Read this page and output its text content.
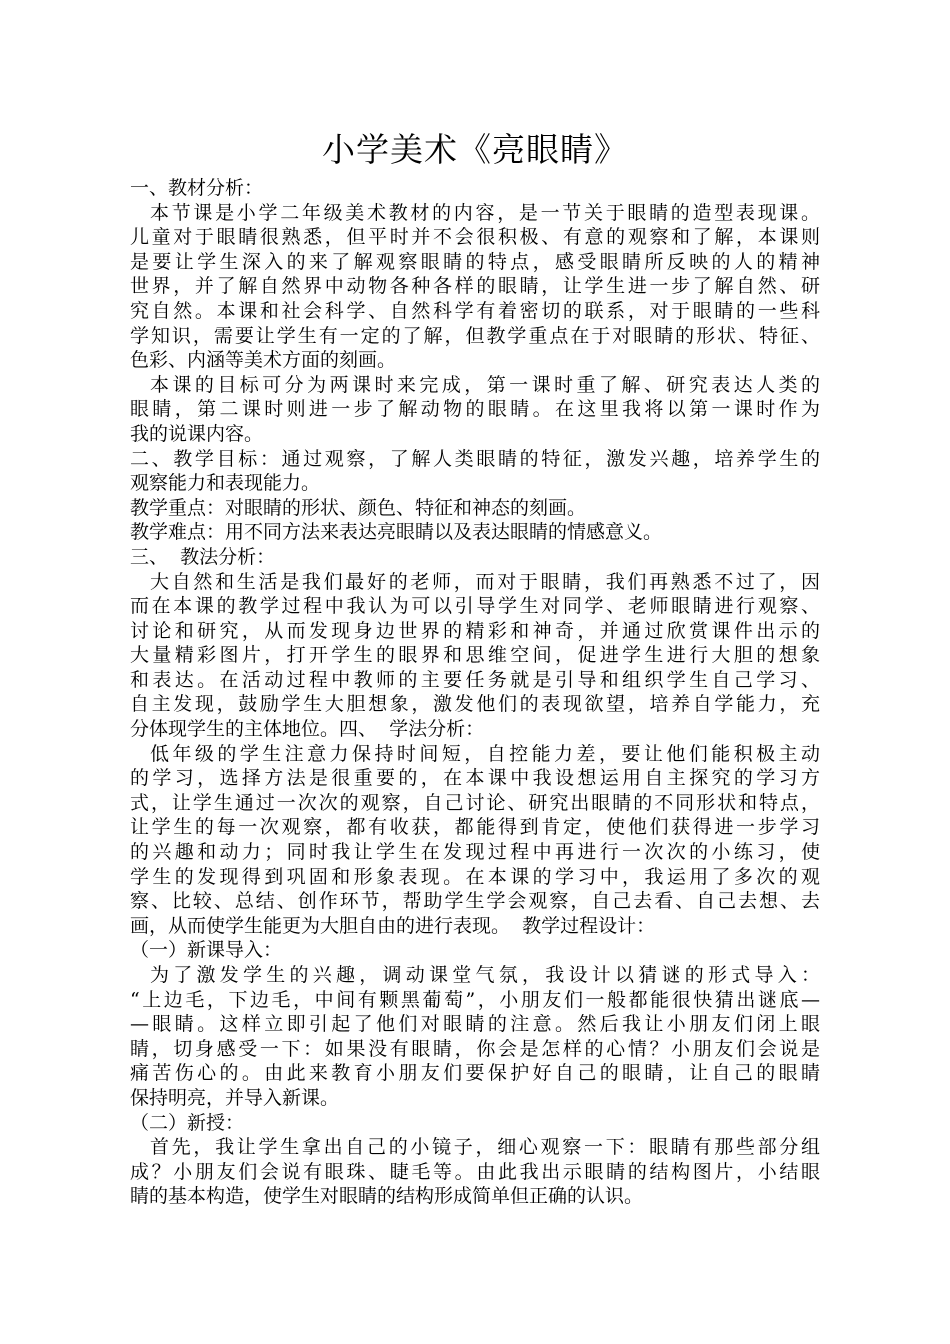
小学美术《亮眼睛》

一、教材分析：

本节课是小学二年级美术教材的内容，是一节关于眼睛的造型表现课。

儿童对于眼睛很熟悉，但平时并不会很积极、有意的观察和了解，本课则

是要让学生深入的来了解观察眼睛的特点，感受眼睛所反映的人的精神

世界，并了解自然界中动物各种各样的眼睛，让学生进一步了解自然、研

究自然。本课和社会科学、自然科学有着密切的联系，对于眼睛的一些科

学知识，需要让学生有一定的了解，但教学重点在于对眼睛的形状、特征、

色彩、内涵等美术方面的刻画。

本课的目标可分为两课时来完成，第一课时重了解、研究表达人类的

眼睛，第二课时则进一步了解动物的眼睛。在这里我将以第一课时作为

我的说课内容。

二、教学目标：通过观察，了解人类眼睛的特征，激发兴趣，培养学生的

观察能力和表现能力。

教学重点：对眼睛的形状、颜色、特征和神态的刻画。

教学难点：用不同方法来表达亮眼睛以及表达眼睛的情感意义。

三、  教法分析：

大自然和生活是我们最好的老师，而对于眼睛，我们再熟悉不过了，因

而在本课的教学过程中我认为可以引导学生对同学、老师眼睛进行观察、

讨论和研究，从而发现身边世界的精彩和神奇，并通过欣赏课件出示的

大量精彩图片，打开学生的眼界和思维空间，促进学生进行大胆的想象

和表达。在活动过程中教师的主要任务就是引导和组织学生自己学习、

自主发现，鼓励学生大胆想象，激发他们的表现欲望，培养自学能力，充

分体现学生的主体地位。四、  学法分析：

低年级的学生注意力保持时间短，自控能力差，要让他们能积极主动

的学习，选择方法是很重要的，在本课中我设想运用自主探究的学习方

式，让学生通过一次次的观察，自己讨论、研究出眼睛的不同形状和特点，

让学生的每一次观察，都有收获，都能得到肯定，使他们获得进一步学习

的兴趣和动力；同时我让学生在发现过程中再进行一次次的小练习，使

学生的发现得到巩固和形象表现。在本课的学习中，我运用了多次的观

察、比较、总结、创作环节，帮助学生学会观察，自己去看、自己去想、去

画，从而使学生能更为大胆自由的进行表现。  教学过程设计：

（一）新课导入：

为了激发学生的兴趣，调动课堂气氛，我设计以猜谜的形式导入：

“上边毛，下边毛，中间有颗黑葡萄”，小朋友们一般都能很快猜出谜底—

—眼睛。这样立即引起了他们对眼睛的注意。然后我让小朋友们闭上眼

睛，切身感受一下：如果没有眼睛，你会是怎样的心情？小朋友们会说是

痛苦伤心的。由此来教育小朋友们要保护好自己的眼睛，让自己的眼睛

保持明亮，并导入新课。

（二）新授：

首先，我让学生拿出自己的小镜子，细心观察一下：眼睛有那些部分组

成？小朋友们会说有眼珠、睫毛等。由此我出示眼睛的结构图片，小结眼

睛的基本构造，使学生对眼睛的结构形成简单但正确的认识。
